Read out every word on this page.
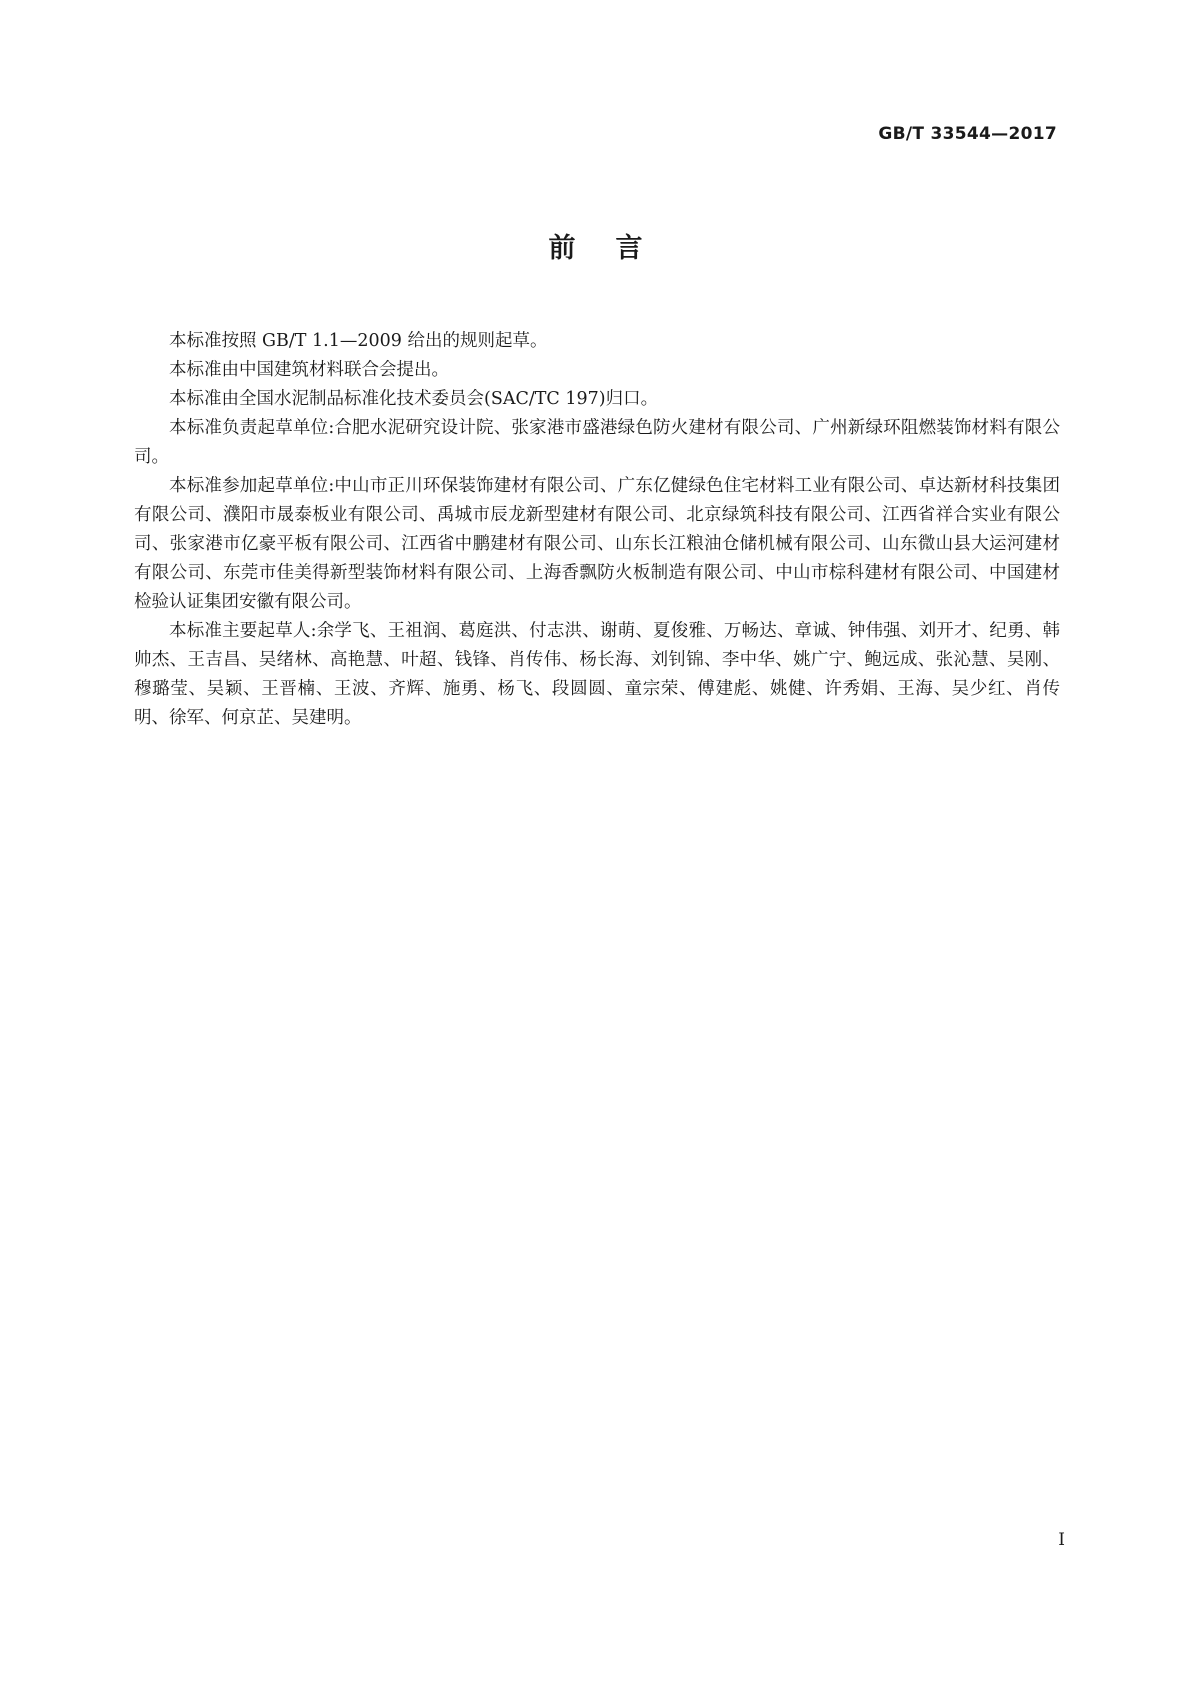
GB/T 33544—2017
前言

本标准按照 GB/T 1.1—2009 给出的规则起草。

本标准由中国建筑材料联合会提出。

本标准由全国水泥制品标准化技术委员会(SAC/TC 197)归口。

本标准负责起草单位:合肥水泥研究设计院、张家港市盛港绿色防火建材有限公司、广州新绿环阻燃装饰材料有限公司。

本标准参加起草单位:中山市正川环保装饰建材有限公司、广东亿健绿色住宅材料工业有限公司、卓达新材科技集团有限公司、濮阳市晟泰板业有限公司、禹城市辰龙新型建材有限公司、北京绿筑科技有限公司、江西省祥合实业有限公司、张家港市亿豪平板有限公司、江西省中鹏建材有限公司、山东长江粮油仓储机械有限公司、山东微山县大运河建材有限公司、东莞市佳美得新型装饰材料有限公司、上海香飘防火板制造有限公司、中山市棕科建材有限公司、中国建材检验认证集团安徽有限公司。

本标准主要起草人:余学飞、王祖润、葛庭洪、付志洪、谢萌、夏俊雅、万畅达、章诚、钟伟强、刘开才、纪勇、韩帅杰、王吉昌、吴绪林、高艳慧、叶超、钱锋、肖传伟、杨长海、刘钊锦、李中华、姚广宁、鲍远成、张沁慧、吴刚、穆璐莹、吴颖、王晋楠、王波、齐辉、施勇、杨飞、段圆圆、童宗荣、傅建彪、姚健、许秀娟、王海、吴少红、肖传明、徐军、何京芷、吴建明。

I
